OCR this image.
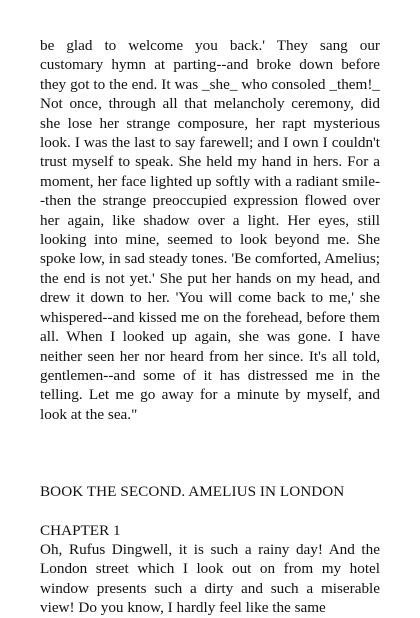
be glad to welcome you back.' They sang our customary hymn at parting--and broke down before they got to the end. It was _she_ who consoled _them!_ Not once, through all that melancholy ceremony, did she lose her strange composure, her rapt mysterious look. I was the last to say farewell; and I own I couldn't trust myself to speak. She held my hand in hers. For a moment, her face lighted up softly with a radiant smile--then the strange preoccupied expression flowed over her again, like shadow over a light. Her eyes, still looking into mine, seemed to look beyond me. She spoke low, in sad steady tones. 'Be comforted, Amelius; the end is not yet.' She put her hands on my head, and drew it down to her. 'You will come back to me,' she whispered--and kissed me on the forehead, before them all. When I looked up again, she was gone. I have neither seen her nor heard from her since. It's all told, gentlemen--and some of it has distressed me in the telling. Let me go away for a minute by myself, and look at the sea."

BOOK THE SECOND. AMELIUS IN LONDON
CHAPTER 1

Oh, Rufus Dingwell, it is such a rainy day! And the London street which I look out on from my hotel window presents such a dirty and such a miserable view! Do you know, I hardly feel like the same
